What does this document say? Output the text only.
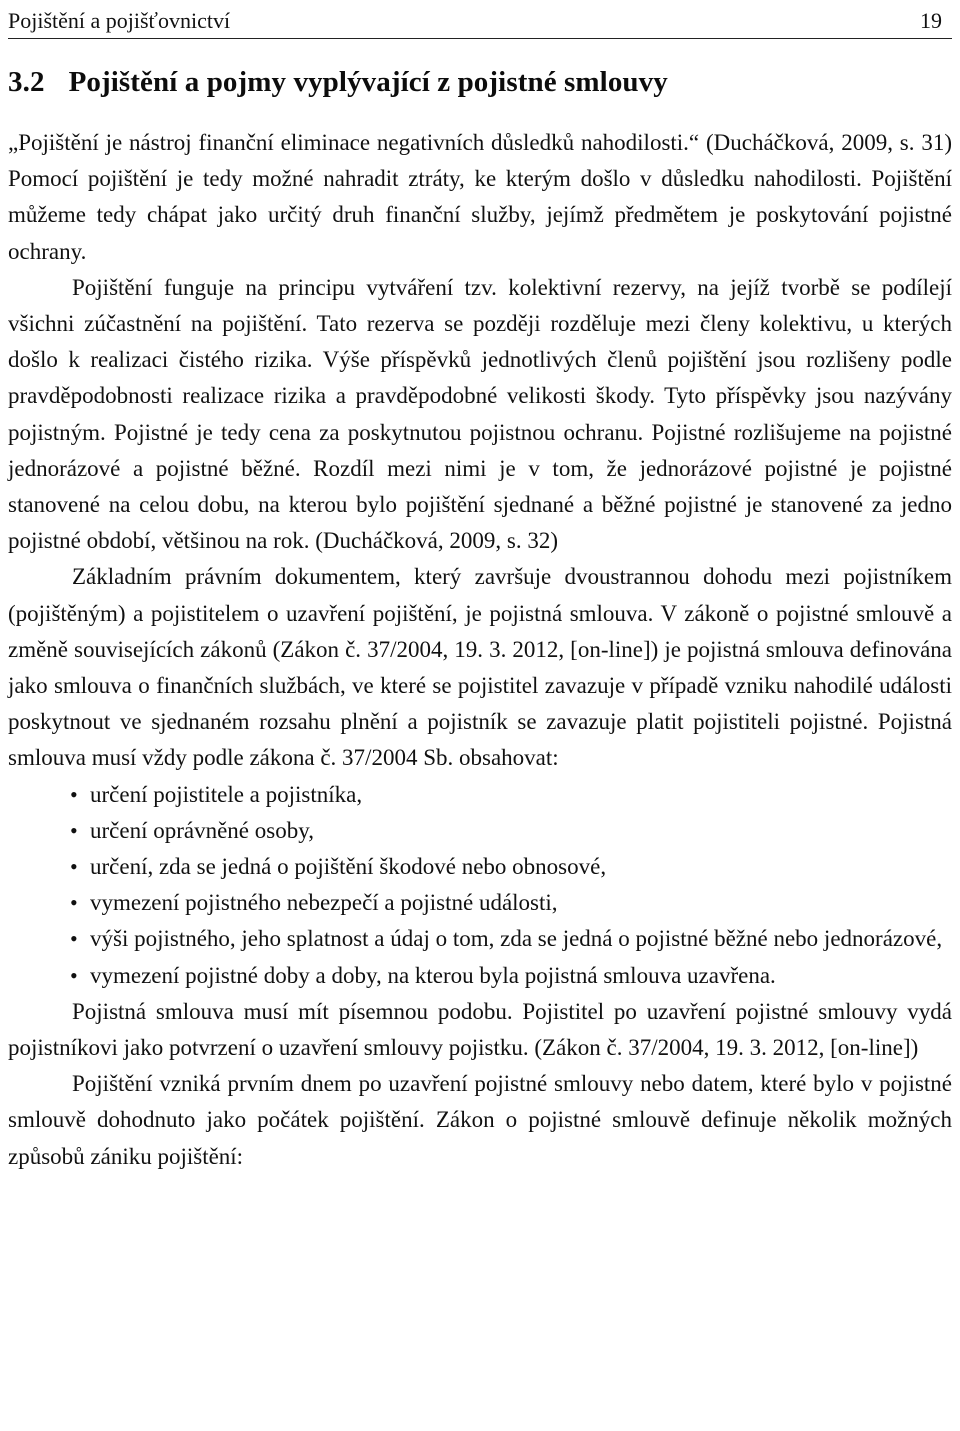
Pojištění a pojišťovnictví	19
3.2 Pojištění a pojmy vyplývající z pojistné smlouvy

„Pojištění je nástroj finanční eliminace negativních důsledků nahodilosti.“ (Ducháčková, 2009, s. 31) Pomocí pojištění je tedy možné nahradit ztráty, ke kterým došlo v důsledku nahodilosti. Pojištění můžeme tedy chápat jako určitý druh finanční služby, jejímž předmětem je poskytování pojistné ochrany.

Pojištění funguje na principu vytváření tzv. kolektivní rezervy, na jejíž tvorbě se podílejí všichni zúčastnění na pojištění. Tato rezerva se později rozděluje mezi členy kolektivu, u kterých došlo k realizaci čistého rizika. Výše příspěvků jednotlivých členů pojištění jsou rozlišeny podle pravděpodobnosti realizace rizika a pravděpodobné velikosti škody. Tyto příspěvky jsou nazývány pojistným. Pojistné je tedy cena za poskytnutou pojistnou ochranu. Pojistné rozlišujeme na pojistné jednorázové a pojistné běžné. Rozdíl mezi nimi je v tom, že jednorázové pojistné je pojistné stanovené na celou dobu, na kterou bylo pojištění sjednané a běžné pojistné je stanovené za jedno pojistné období, většinou na rok. (Ducháčková, 2009, s. 32)

Základním právním dokumentem, který završuje dvoustrannou dohodu mezi pojistníkem (pojištěným) a pojistitelem o uzavření pojištění, je pojistná smlouva. V zákoně o pojistné smlouvě a změně souvisejících zákonů (Zákon č. 37/2004, 19. 3. 2012, [on-line]) je pojistná smlouva definována jako smlouva o finančních službách, ve které se pojistitel zavazuje v případě vzniku nahodilé události poskytnout ve sjednaném rozsahu plnění a pojistník se zavazuje platit pojistiteli pojistné. Pojistná smlouva musí vždy podle zákona č. 37/2004 Sb. obsahovat:

• určení pojistitele a pojistníka,
• určení oprávněné osoby,
• určení, zda se jedná o pojištění škodové nebo obnosové,
• vymezení pojistného nebezpečí a pojistné události,
• výši pojistného, jeho splatnost a údaj o tom, zda se jedná o pojistné běžné nebo jednorázové,
• vymezení pojistné doby a doby, na kterou byla pojistná smlouva uzavřena.

Pojistná smlouva musí mít písemnou podobu. Pojistitel po uzavření pojistné smlouvy vydá pojistníkovi jako potvrzení o uzavření smlouvy pojistku. (Zákon č. 37/2004, 19. 3. 2012, [on-line])

Pojištění vzniká prvním dnem po uzavření pojistné smlouvy nebo datem, které bylo v pojistné smlouvě dohodnuto jako počátek pojištění. Zákon o pojistné smlouvě definuje několik možných způsobů zániku pojištění:
